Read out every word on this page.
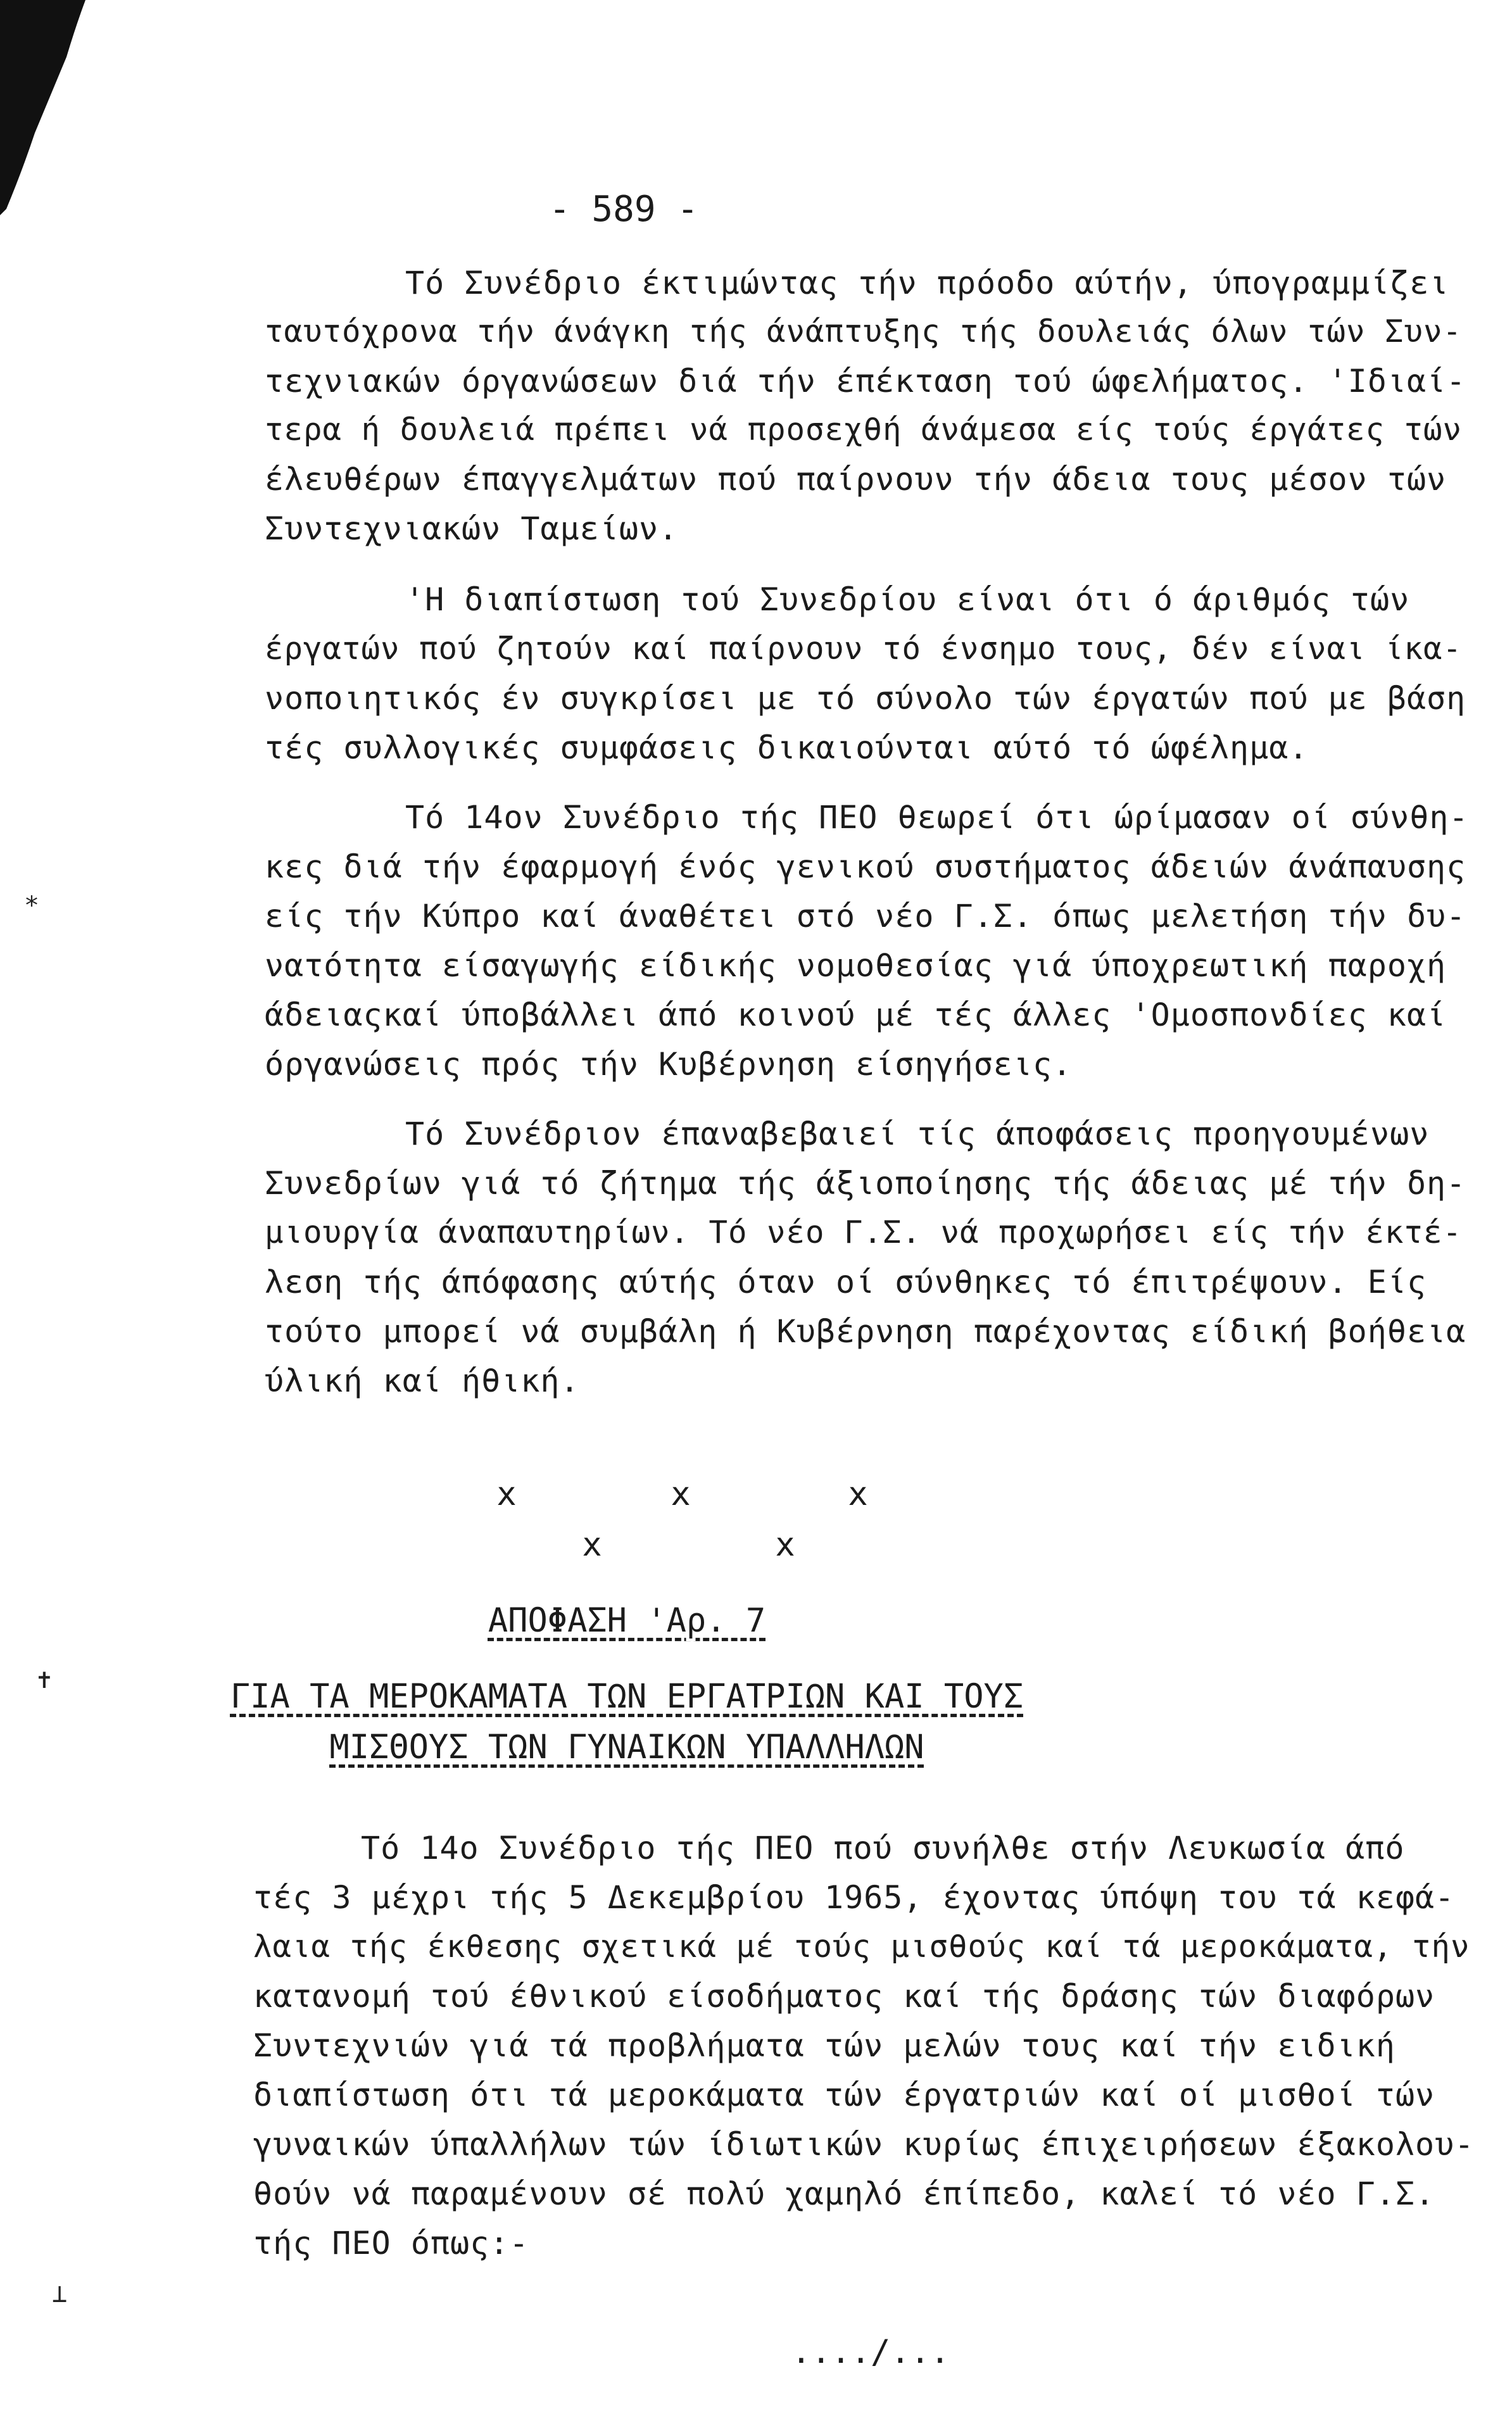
- 589 -
Τό Συνέδριο έκτιμώντας τήν πρόοδο αύτήν, ύπογραμμίζει
ταυτόχρονα τήν άνάγκη τής άνάπτυξης τής δουλειάς όλων τών Συν-
τεχνιακών όργανώσεων διά τήν έπέκταση τού ώφελήματος. 'Ιδιαί-
τερα ή δουλειά πρέπει νά προσεχθή άνάμεσα είς τούς έργάτες τών
έλευθέρων έπαγγελμάτων πού παίρνουν τήν άδεια τους μέσον τών
Συντεχνιακών Ταμείων.
'Η διαπίστωση τού Συνεδρίου είναι ότι ό άριθμός τών
έργατών πού ζητούν καί παίρνουν τό ένσημο τους, δέν είναι ίκα-
νοποιητικός έν συγκρίσει με τό σύνολο τών έργατών πού με βάση
τές συλλογικές συμφάσεις δικαιούνται αύτό τό ώφέλημα.
Τό 14ον Συνέδριο τής ΠΕΟ θεωρεί ότι ώρίμασαν οί σύνθη-
κες διά τήν έφαρμογή ένός γενικού συστήματος άδειών άνάπαυσης
είς τήν Κύπρο καί άναθέτει στό νέο Γ.Σ. όπως μελετήση τήν δυ-
νατότητα είσαγωγής είδικής νομοθεσίας γιά ύποχρεωτική παροχή
άδειαςκαί ύποβάλλει άπό κοινού μέ τές άλλες 'Ομοσπονδίες καί
όργανώσεις πρός τήν Κυβέρνηση είσηγήσεις.
Τό Συνέδριον έπαναβεβαιεί τίς άποφάσεις προηγουμένων
Συνεδρίων γιά τό ζήτημα τής άξιοποίησης τής άδειας μέ τήν δη-
μιουργία άναπαυτηρίων. Τό νέο Γ.Σ. νά προχωρήσει είς τήν έκτέ-
λεση τής άπόφασης αύτής όταν οί σύνθηκες τό έπιτρέψουν. Είς
τούτο μπορεί νά συμβάλη ή Κυβέρνηση παρέχοντας είδική βοήθεια
ύλική καί ήθική.
x	x	x
x	x
ΑΠΟΦΑΣΗ 'Αρ. 7
ΓΙΑ ΤΑ ΜΕΡΟΚΑΜΑΤΑ ΤΩΝ ΕΡΓΑΤΡΙΩΝ ΚΑΙ ΤΟΥΣ
ΜΙΣΘΟΥΣ ΤΩΝ ΓΥΝΑΙΚΩΝ ΥΠΑΛΛΗΛΩΝ
Τό 14ο Συνέδριο τής ΠΕΟ πού συνήλθε στήν Λευκωσία άπό
τές 3 μέχρι τής 5 Δεκεμβρίου 1965, έχοντας ύπόψη του τά κεφά-
λαια τής έκθεσης σχετικά μέ τούς μισθούς καί τά μεροκάματα, τήν
κατανομή τού έθνικού είσοδήματος καί τής δράσης τών διαφόρων
Συντεχνιών γιά τά προβλήματα τών μελών τους καί τήν ειδική
διαπίστωση ότι τά μεροκάματα τών έργατριών καί οί μισθοί τών
γυναικών ύπαλλήλων τών ίδιωτικών κυρίως έπιχειρήσεων έξακολου-
θούν νά παραμένουν σέ πολύ χαμηλό έπίπεδο, καλεί τό νέο Γ.Σ.
τής ΠΕΟ όπως:-
..../...
⁎
✝
⟂
